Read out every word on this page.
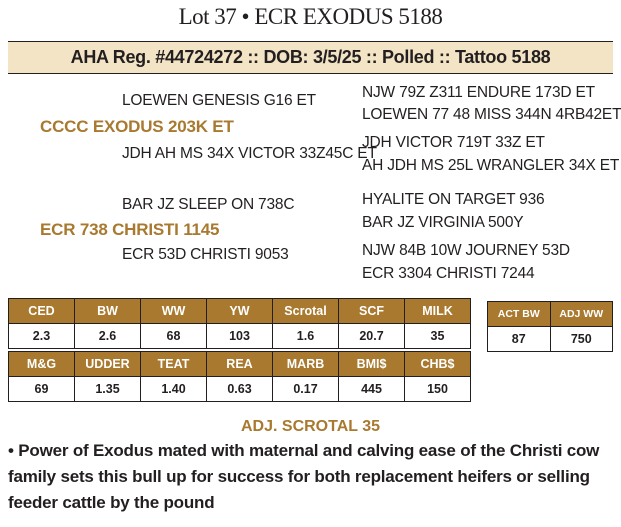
Lot 37 • ECR EXODUS 5188
AHA Reg. #44724272 :: DOB: 3/5/25 :: Polled :: Tattoo 5188
LOEWEN GENESIS G16 ET
CCCC EXODUS 203K ET
JDH AH MS 34X VICTOR 33Z45C ET
NJW 79Z Z311 ENDURE 173D ET
LOEWEN 77 48 MISS 344N 4RB42ET
JDH VICTOR 719T 33Z ET
AH JDH MS 25L WRANGLER 34X ET
BAR JZ SLEEP ON 738C
ECR 738 CHRISTI 1145
ECR 53D CHRISTI 9053
HYALITE ON TARGET 936
BAR JZ VIRGINIA 500Y
NJW 84B 10W JOURNEY 53D
ECR 3304 CHRISTI 7244
CED	BW	WW	YW	Scrotal	SCF	MILK
2.3	2.6	68	103	1.6	20.7	35
M&G	UDDER	TEAT	REA	MARB	BMI$	CHB$
69	1.35	1.40	0.63	0.17	445	150
ACT BW	ADJ WW
87	750
ADJ. SCROTAL 35
• Power of Exodus mated with maternal and calving ease of the Christi cow family sets this bull up for success for both replacement heifers or selling feeder cattle by the pound
